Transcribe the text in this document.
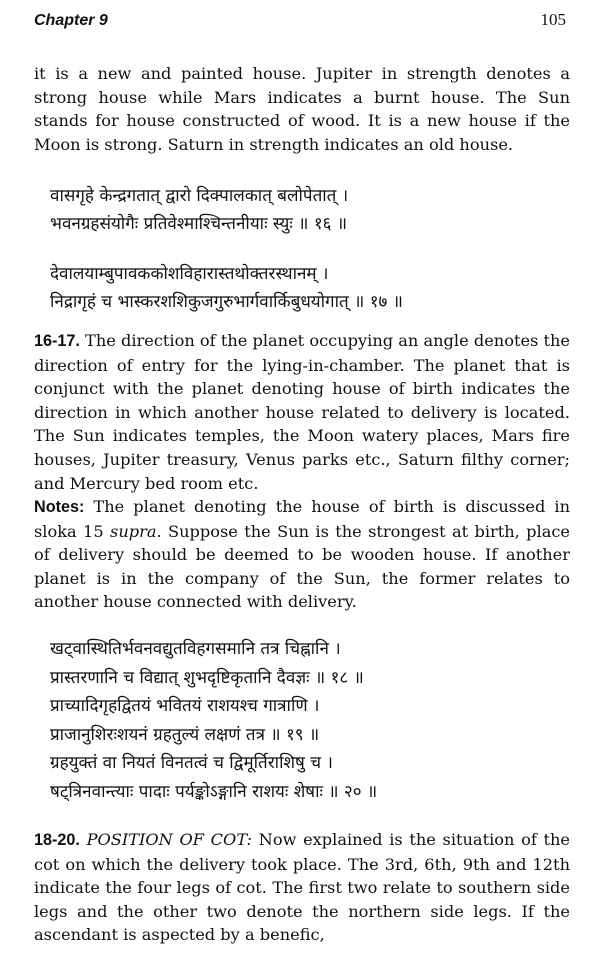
Chapter 9	105

it is a new and painted house. Jupiter in strength denotes a strong house while Mars indicates a burnt house. The Sun stands for house constructed of wood. It is a new house if the Moon is strong. Saturn in strength indicates an old house.

वासगृहे केन्द्रगतात् द्वारो दिक्पालकात् बलोपेतात् ।
भवनग्रहसंयोगैः प्रतिवेश्माश्चिन्तनीयाः स्युः ॥ १६ ॥
देवालयाम्बुपावककोशविहारास्तथोक्तरस्थानम् ।
निद्रागृहं च भास्करशशिकुजगुरुभार्गवार्किबुधयोगात् ॥ १७ ॥

16-17. The direction of the planet occupying an angle denotes the direction of entry for the lying-in-chamber. The planet that is conjunct with the planet denoting house of birth indicates the direction in which another house related to delivery is located. The Sun indicates temples, the Moon watery places, Mars fire houses, Jupiter treasury, Venus parks etc., Saturn filthy corner; and Mercury bed room etc.

Notes: The planet denoting the house of birth is discussed in sloka 15 supra. Suppose the Sun is the strongest at birth, place of delivery should be deemed to be wooden house. If another planet is in the company of the Sun, the former relates to another house connected with delivery.

खट्वास्थितिर्भवनवद्युतविहगसमानि तत्र चिह्नानि ।
प्रास्तरणानि च विद्यात् शुभदृष्टिकृतानि दैवज्ञः ॥ १८ ॥
प्राच्यादिगृहद्वितयं भवितयं राशयश्च गात्राणि ।
प्राजानुशिरःशयनं ग्रहतुल्यं लक्षणं तत्र ॥ १९ ॥
ग्रहयुक्तं वा नियतं विनतत्वं च द्विमूर्तिराशिषु च ।
षट्त्रिनवान्त्याः पादाः पर्यङ्कोऽङ्गानि राशयः शेषाः ॥ २० ॥

18-20. POSITION OF COT: Now explained is the situation of the cot on which the delivery took place. The 3rd, 6th, 9th and 12th indicate the four legs of cot. The first two relate to southern side legs and the other two denote the northern side legs. If the ascendant is aspected by a benefic,
